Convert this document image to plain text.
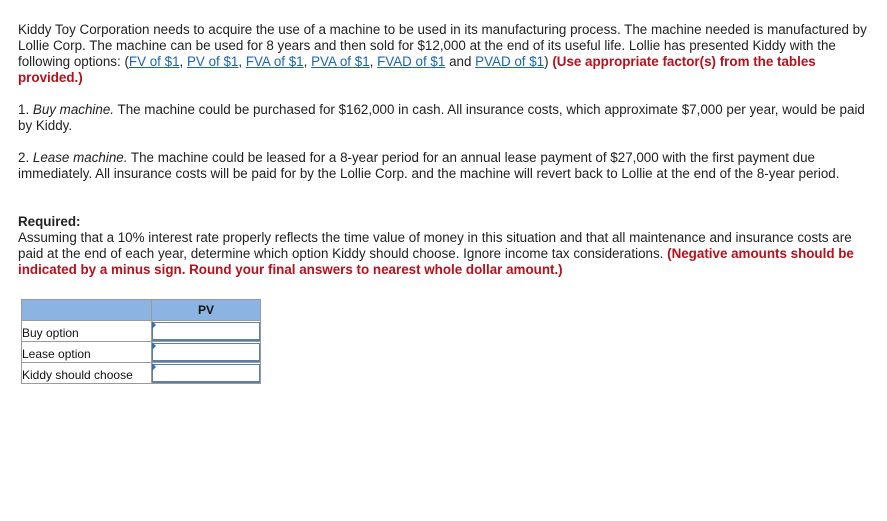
Kiddy Toy Corporation needs to acquire the use of a machine to be used in its manufacturing process. The machine needed is manufactured by Lollie Corp. The machine can be used for 8 years and then sold for $12,000 at the end of its useful life. Lollie has presented Kiddy with the following options: (FV of $1, PV of $1, FVA of $1, PVA of $1, FVAD of $1 and PVAD of $1) (Use appropriate factor(s) from the tables provided.)

1. Buy machine. The machine could be purchased for $162,000 in cash. All insurance costs, which approximate $7,000 per year, would be paid by Kiddy.

2. Lease machine. The machine could be leased for a 8-year period for an annual lease payment of $27,000 with the first payment due immediately. All insurance costs will be paid for by the Lollie Corp. and the machine will revert back to Lollie at the end of the 8-year period.

Required:
Assuming that a 10% interest rate properly reflects the time value of money in this situation and that all maintenance and insurance costs are paid at the end of each year, determine which option Kiddy should choose. Ignore income tax considerations. (Negative amounts should be indicated by a minus sign. Round your final answers to nearest whole dollar amount.)

	PV
Buy option	

Lease option	

Kiddy should choose	
